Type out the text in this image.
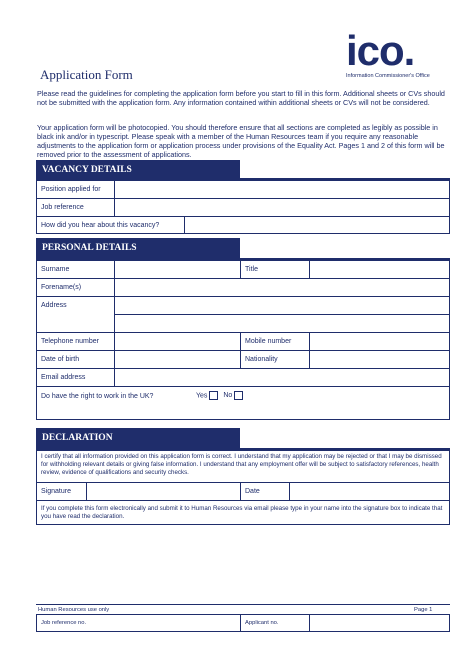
ico.
Information Commissioner's Office
Application Form
Please read the guidelines for completing the application form before you start to fill in this form. Additional sheets or CVs should not be submitted with the application form. Any information contained within additional sheets or CVs will not be considered.
Your application form will be photocopied. You should therefore ensure that all sections are completed as legibly as possible in black ink and/or in typescript. Please speak with a member of the Human Resources team if you require any reasonable adjustments to the application form or application process under provisions of the Equality Act. Pages 1 and 2 of this form will be removed prior to the assessment of applications.
VACANCY DETAILS
Position applied for
Job reference
How did you hear about this vacancy?
PERSONAL DETAILS
Surname	Title
Forename(s)
Address
Telephone number	Mobile number
Date of birth	Nationality
Email address
Do have the right to work in the UK?	Yes No
DECLARATION
I certify that all information provided on this application form is correct. I understand that my application may be rejected or that I may be dismissed for withholding relevant details or giving false information. I understand that any employment offer will be subject to satisfactory references, health review, evidence of qualifications and security checks.
Signature	Date
If you complete this form electronically and submit it to Human Resources via email please type in your name into the signature box to indicate that you have read the declaration.
Human Resources use only	Page 1
Job reference no.	Applicant no.
